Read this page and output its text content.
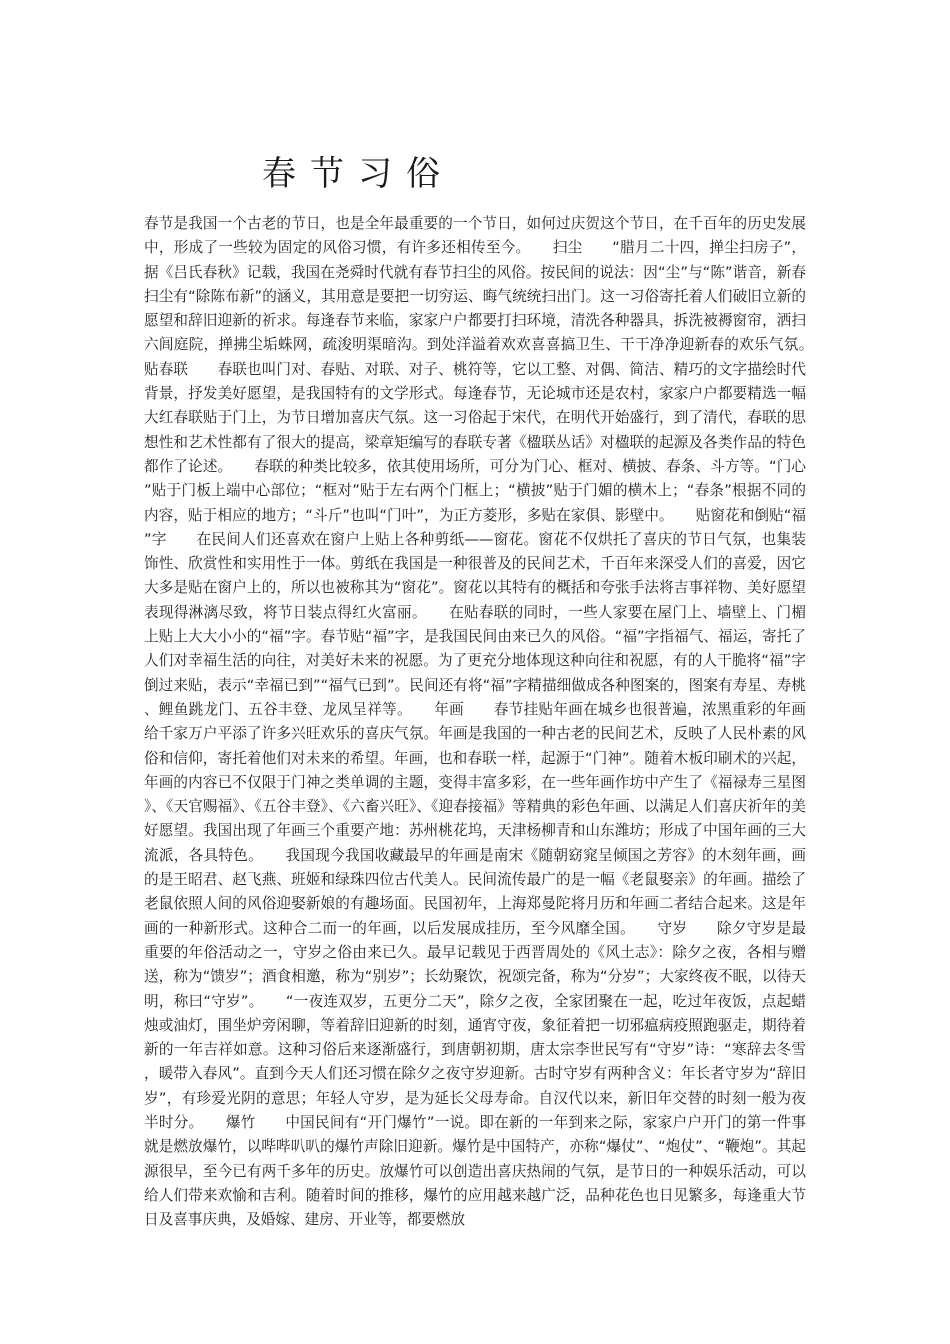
春节习俗

春节是我国一个古老的节日，也是全年最重要的一个节日，如何过庆贺这个节日，在千百年的历史发展中，形成了一些较为固定的风俗习惯，有许多还相传至今。　　扫尘　　“腊月二十四，掸尘扫房子”，据《吕氏春秋》记载，我国在尧舜时代就有春节扫尘的风俗。按民间的说法：因“尘”与“陈”谐音，新春扫尘有“除陈布新”的涵义，其用意是要把一切穷运、晦气统统扫出门。这一习俗寄托着人们破旧立新的愿望和辞旧迎新的祈求。每逢春节来临，家家户户都要打扫环境，清洗各种器具，拆洗被褥窗帘，洒扫六闾庭院，掸拂尘垢蛛网，疏浚明渠暗沟。到处洋溢着欢欢喜喜搞卫生、干干净净迎新春的欢乐气氛。　　贴春联　　春联也叫门对、春贴、对联、对子、桃符等，它以工整、对偶、简洁、精巧的文字描绘时代背景，抒发美好愿望，是我国特有的文学形式。每逢春节，无论城市还是农村，家家户户都要精选一幅大红春联贴于门上，为节日增加喜庆气氛。这一习俗起于宋代，在明代开始盛行，到了清代，春联的思想性和艺术性都有了很大的提高，梁章矩编写的春联专著《楹联丛话》对楹联的起源及各类作品的特色都作了论述。　　春联的种类比较多，依其使用场所，可分为门心、框对、横披、春条、斗方等。“门心”贴于门板上端中心部位；“框对”贴于左右两个门框上；“横披”贴于门媚的横木上；“春条”根据不同的内容，贴于相应的地方；“斗斤”也叫“门叶”，为正方菱形，多贴在家俱、影壁中。　　贴窗花和倒贴“福”字　　在民间人们还喜欢在窗户上贴上各种剪纸——窗花。窗花不仅烘托了喜庆的节日气氛，也集装饰性、欣赏性和实用性于一体。剪纸在我国是一种很普及的民间艺术，千百年来深受人们的喜爱，因它大多是贴在窗户上的，所以也被称其为“窗花”。窗花以其特有的概括和夸张手法将吉事祥物、美好愿望表现得淋漓尽致，将节日装点得红火富丽。　　在贴春联的同时，一些人家要在屋门上、墙壁上、门楣上贴上大大小小的“福”字。春节贴“福”字，是我国民间由来已久的风俗。“福”字指福气、福运，寄托了人们对幸福生活的向往，对美好未来的祝愿。为了更充分地体现这种向往和祝愿，有的人干脆将“福”字倒过来贴，表示“幸福已到”“福气已到”。民间还有将“福”字精描细做成各种图案的，图案有寿星、寿桃、鲤鱼跳龙门、五谷丰登、龙凤呈祥等。　　年画　　春节挂贴年画在城乡也很普遍，浓黑重彩的年画给千家万户平添了许多兴旺欢乐的喜庆气氛。年画是我国的一种古老的民间艺术，反映了人民朴素的风俗和信仰，寄托着他们对未来的希望。年画，也和春联一样，起源于“门神”。随着木板印刷术的兴起，年画的内容已不仅限于门神之类单调的主题，变得丰富多彩，在一些年画作坊中产生了《福禄寿三星图》、《天官赐福》、《五谷丰登》、《六畜兴旺》、《迎春接福》等精典的彩色年画、以满足人们喜庆祈年的美好愿望。我国出现了年画三个重要产地：苏州桃花坞，天津杨柳青和山东潍坊；形成了中国年画的三大流派，各具特色。　　我国现今我国收藏最早的年画是南宋《随朝窈窕呈倾国之芳容》的木刻年画，画的是王昭君、赵飞燕、班姬和绿珠四位古代美人。民间流传最广的是一幅《老鼠娶亲》的年画。描绘了老鼠依照人间的风俗迎娶新娘的有趣场面。民国初年，上海郑曼陀将月历和年画二者结合起来。这是年画的一种新形式。这种合二而一的年画，以后发展成挂历，至今风靡全国。　　守岁　　除夕守岁是最重要的年俗活动之一，守岁之俗由来已久。最早记载见于西晋周处的《风土志》：除夕之夜，各相与赠送，称为“馈岁”；酒食相邀，称为“别岁”；长幼聚饮，祝颂完备，称为“分岁”；大家终夜不眠，以待天明，称曰“守岁”。　　“一夜连双岁，五更分二天”，除夕之夜，全家团聚在一起，吃过年夜饭，点起蜡烛或油灯，围坐炉旁闲聊，等着辞旧迎新的时刻，通宵守夜，象征着把一切邪瘟病疫照跑驱走，期待着新的一年吉祥如意。这种习俗后来逐渐盛行，到唐朝初期，唐太宗李世民写有“守岁”诗：“寒辞去冬雪，暖带入春风”。直到今天人们还习惯在除夕之夜守岁迎新。古时守岁有两种含义：年长者守岁为“辞旧岁”，有珍爱光阴的意思；年轻人守岁，是为延长父母寿命。自汉代以来，新旧年交替的时刻一般为夜半时分。　　爆竹　　中国民间有“开门爆竹”一说。即在新的一年到来之际，家家户户开门的第一件事就是燃放爆竹，以哔哔叭叭的爆竹声除旧迎新。爆竹是中国特产，亦称“爆仗”、“炮仗”、“鞭炮”。其起源很早，至今已有两千多年的历史。放爆竹可以创造出喜庆热闹的气氛，是节日的一种娱乐活动，可以给人们带来欢愉和吉利。随着时间的推移，爆竹的应用越来越广泛，品种花色也日见繁多，每逢重大节日及喜事庆典，及婚嫁、建房、开业等，都要燃放
